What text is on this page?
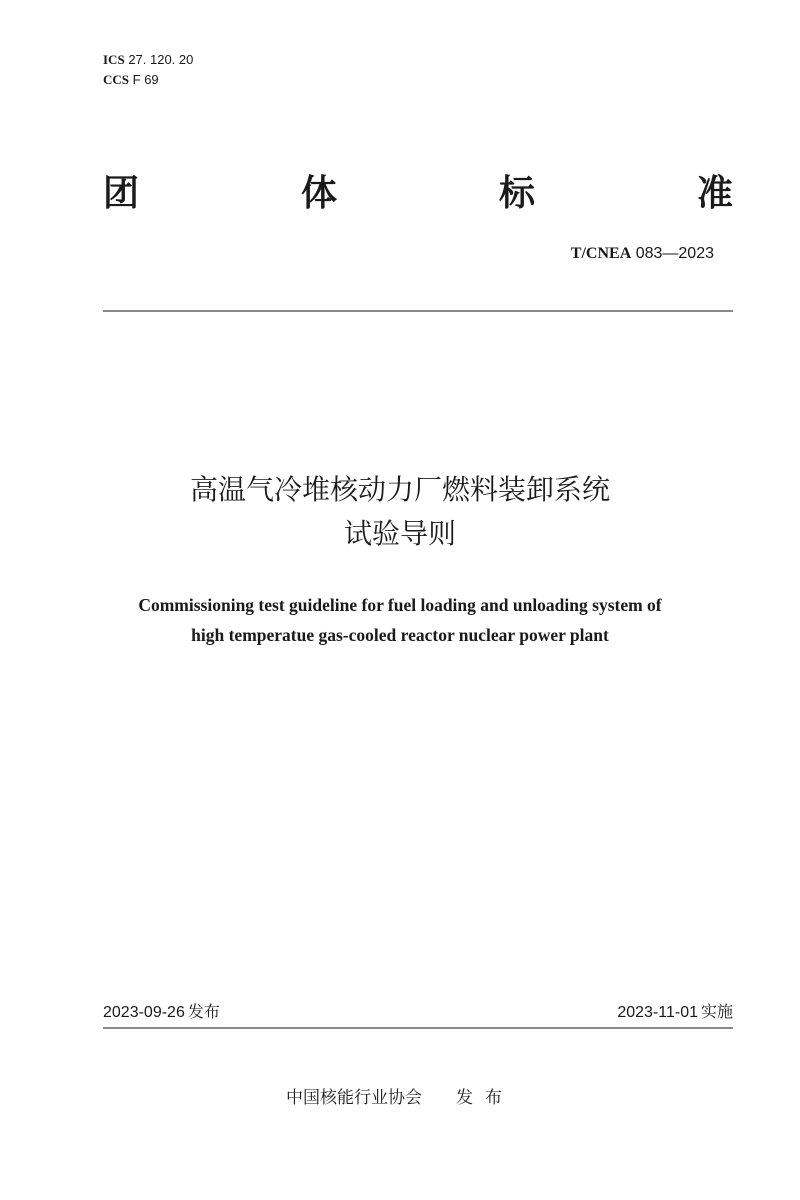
ICS 27. 120. 20
CCS F 69
团	体	标	准
T/CNEA 083—2023
高温气冷堆核动力厂燃料装卸系统
试验导则
Commissioning test guideline for fuel loading and unloading system of
high temperatue gas-cooled reactor nuclear power plant
2023-09-26 发布	2023-11-01 实施
中国核能行业协会 发布
